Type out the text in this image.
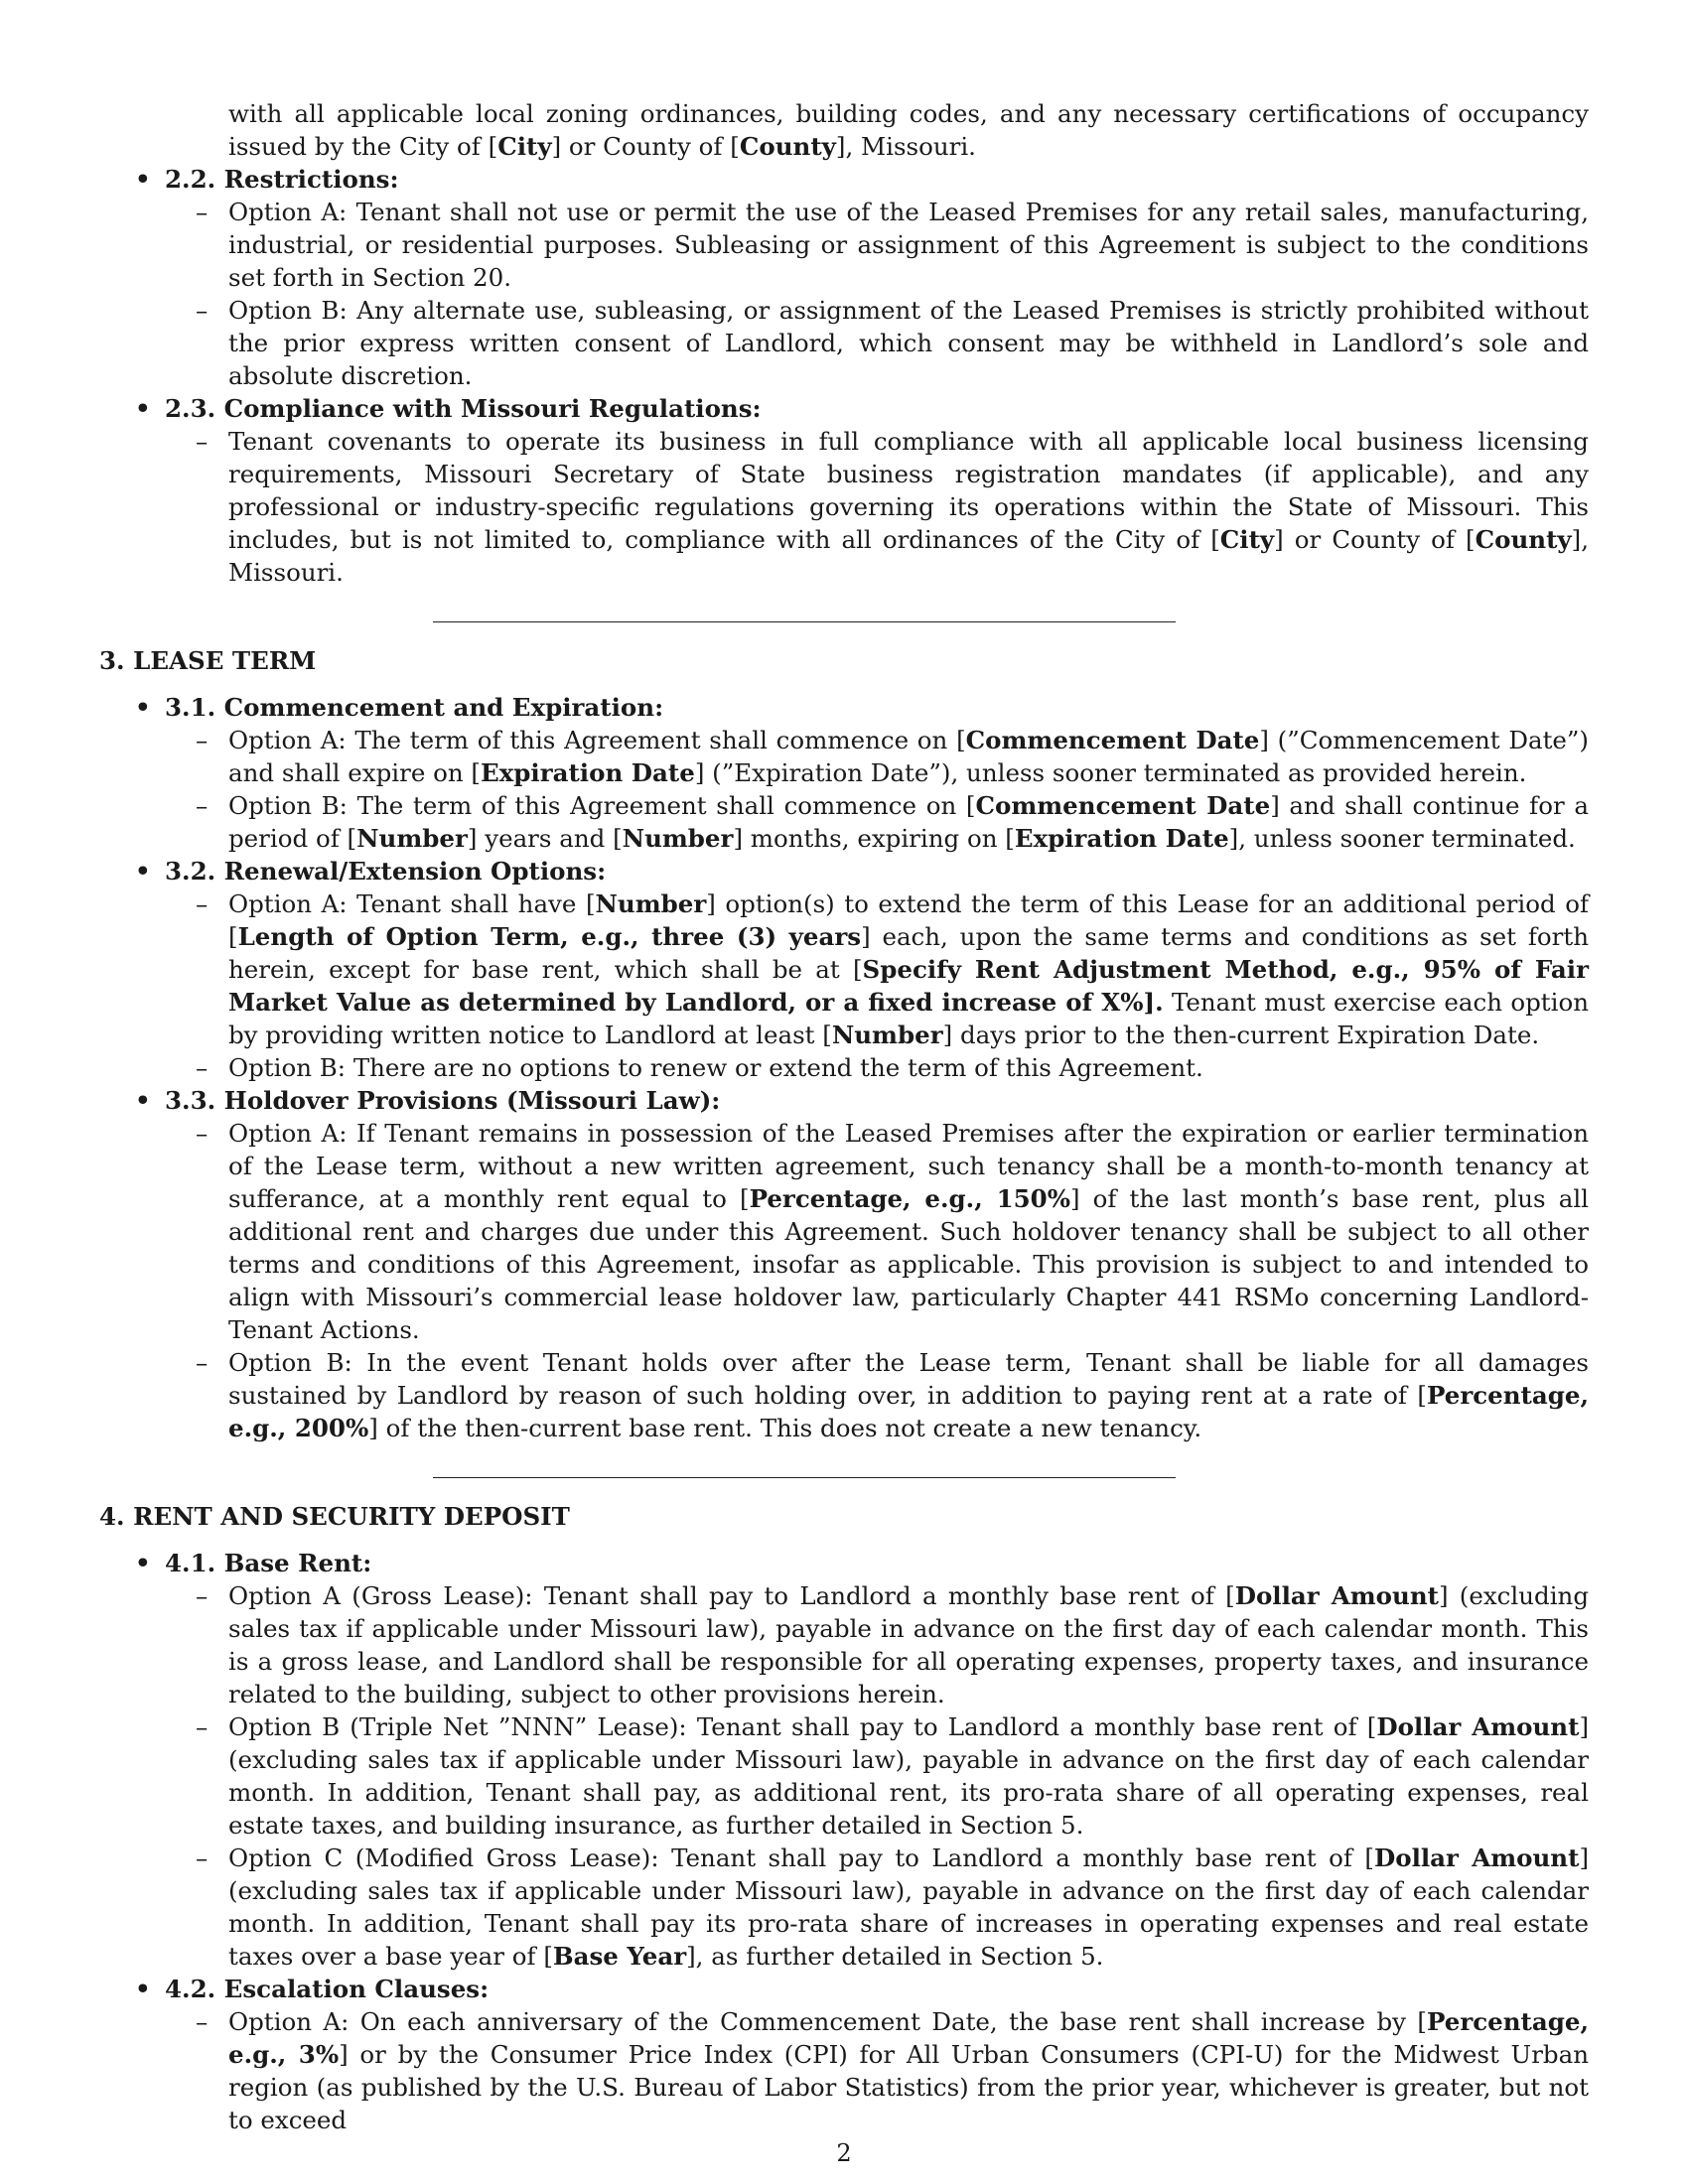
with all applicable local zoning ordinances, building codes, and any necessary certifications of occupancy issued by the City of [City] or County of [County], Missouri.

• 2.2. Restrictions:

– Option A: Tenant shall not use or permit the use of the Leased Premises for any retail sales, manufacturing, industrial, or residential purposes. Subleasing or assignment of this Agreement is subject to the conditions set forth in Section 20.

– Option B: Any alternate use, subleasing, or assignment of the Leased Premises is strictly prohibited without the prior express written consent of Landlord, which consent may be withheld in Landlord’s sole and absolute discretion.

• 2.3. Compliance with Missouri Regulations:

– Tenant covenants to operate its business in full compliance with all applicable local business licensing requirements, Missouri Secretary of State business registration mandates (if applicable), and any professional or industry-specific regulations governing its operations within the State of Missouri. This includes, but is not limited to, compliance with all ordinances of the City of [City] or County of [County], Missouri.

3. LEASE TERM

• 3.1. Commencement and Expiration:

– Option A: The term of this Agreement shall commence on [Commencement Date] (”Commencement Date”) and shall expire on [Expiration Date] (”Expiration Date”), unless sooner terminated as provided herein.

– Option B: The term of this Agreement shall commence on [Commencement Date] and shall continue for a period of [Number] years and [Number] months, expiring on [Expiration Date], unless sooner terminated.

• 3.2. Renewal/Extension Options:

– Option A: Tenant shall have [Number] option(s) to extend the term of this Lease for an additional period of [Length of Option Term, e.g., three (3) years] each, upon the same terms and conditions as set forth herein, except for base rent, which shall be at [Specify Rent Adjustment Method, e.g., 95% of Fair Market Value as determined by Landlord, or a fixed increase of X%]. Tenant must exercise each option by providing written notice to Landlord at least [Number] days prior to the then-current Expiration Date.

– Option B: There are no options to renew or extend the term of this Agreement.

• 3.3. Holdover Provisions (Missouri Law):

– Option A: If Tenant remains in possession of the Leased Premises after the expiration or earlier termination of the Lease term, without a new written agreement, such tenancy shall be a month-to-month tenancy at sufferance, at a monthly rent equal to [Percentage, e.g., 150%] of the last month’s base rent, plus all additional rent and charges due under this Agreement. Such holdover tenancy shall be subject to all other terms and conditions of this Agreement, insofar as applicable. This provision is subject to and intended to align with Missouri’s commercial lease holdover law, particularly Chapter 441 RSMo concerning Landlord-Tenant Actions.

– Option B: In the event Tenant holds over after the Lease term, Tenant shall be liable for all damages sustained by Landlord by reason of such holding over, in addition to paying rent at a rate of [Percentage, e.g., 200%] of the then-current base rent. This does not create a new tenancy.

4. RENT AND SECURITY DEPOSIT

• 4.1. Base Rent:

– Option A (Gross Lease): Tenant shall pay to Landlord a monthly base rent of [Dollar Amount] (excluding sales tax if applicable under Missouri law), payable in advance on the first day of each calendar month. This is a gross lease, and Landlord shall be responsible for all operating expenses, property taxes, and insurance related to the building, subject to other provisions herein.

– Option B (Triple Net ”NNN” Lease): Tenant shall pay to Landlord a monthly base rent of [Dollar Amount] (excluding sales tax if applicable under Missouri law), payable in advance on the first day of each calendar month. In addition, Tenant shall pay, as additional rent, its pro-rata share of all operating expenses, real estate taxes, and building insurance, as further detailed in Section 5.

– Option C (Modified Gross Lease): Tenant shall pay to Landlord a monthly base rent of [Dollar Amount] (excluding sales tax if applicable under Missouri law), payable in advance on the first day of each calendar month. In addition, Tenant shall pay its pro-rata share of increases in operating expenses and real estate taxes over a base year of [Base Year], as further detailed in Section 5.

• 4.2. Escalation Clauses:

– Option A: On each anniversary of the Commencement Date, the base rent shall increase by [Percentage, e.g., 3%] or by the Consumer Price Index (CPI) for All Urban Consumers (CPI-U) for the Midwest Urban region (as published by the U.S. Bureau of Labor Statistics) from the prior year, whichever is greater, but not to exceed

2
